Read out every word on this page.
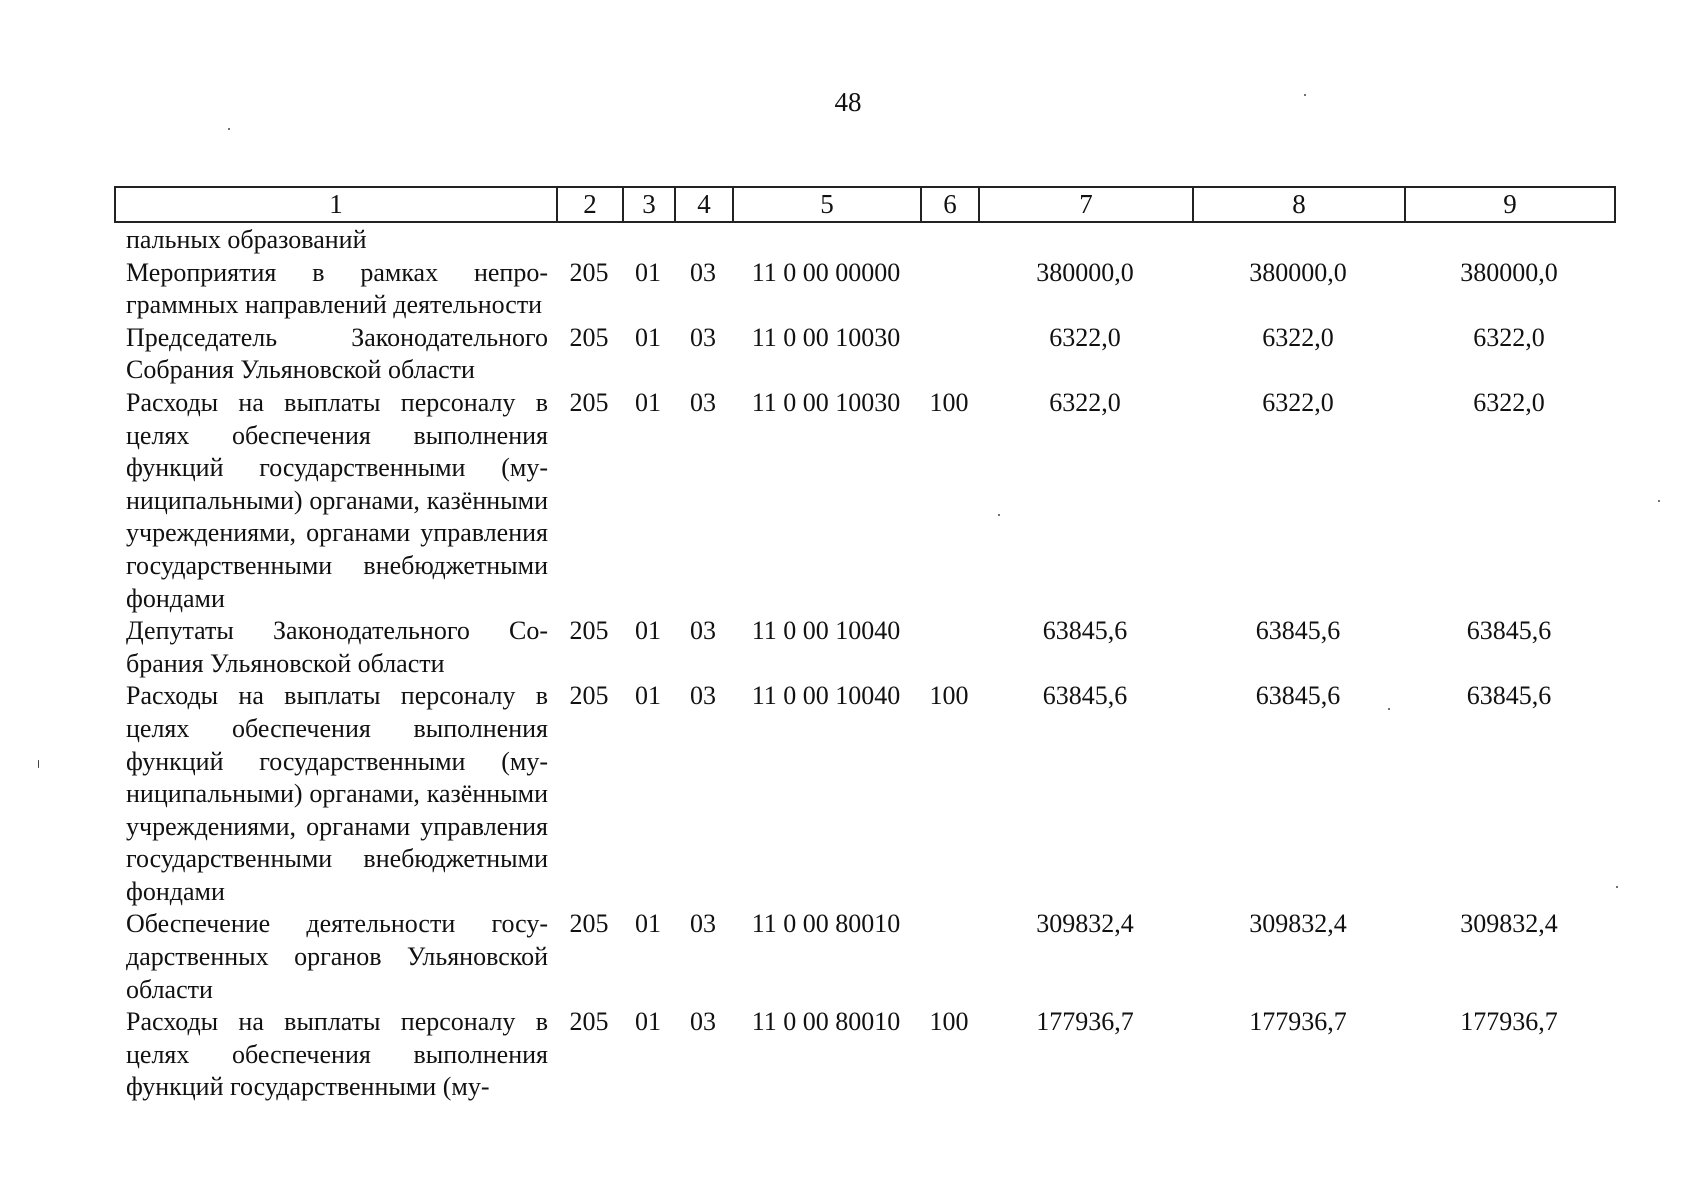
48
1	2	3	4	5	6	7	8	9
пальных образований								
Мероприятия в рамках непрограммных направлений деятельности	205	01	03	11 0 00 00000		380000,0	380000,0	380000,0
Председатель Законодательного Собрания Ульяновской области	205	01	03	11 0 00 10030		6322,0	6322,0	6322,0
Расходы на выплаты персоналу в целях обеспечения выполнения функций государственными (муниципальными) органами, казёнными учреждениями, органами управления государственными внебюджетными фондами	205	01	03	11 0 00 10030	100	6322,0	6322,0	6322,0
Депутаты Законодательного Собрания Ульяновской области	205	01	03	11 0 00 10040		63845,6	63845,6	63845,6
Расходы на выплаты персоналу в целях обеспечения выполнения функций государственными (муниципальными) органами, казёнными учреждениями, органами управления государственными внебюджетными фондами	205	01	03	11 0 00 10040	100	63845,6	63845,6	63845,6
Обеспечение деятельности государственных органов Ульяновской области	205	01	03	11 0 00 80010		309832,4	309832,4	309832,4
Расходы на выплаты персоналу в целях обеспечения выполнения функций государственными (му-	205	01	03	11 0 00 80010	100	177936,7	177936,7	177936,7
